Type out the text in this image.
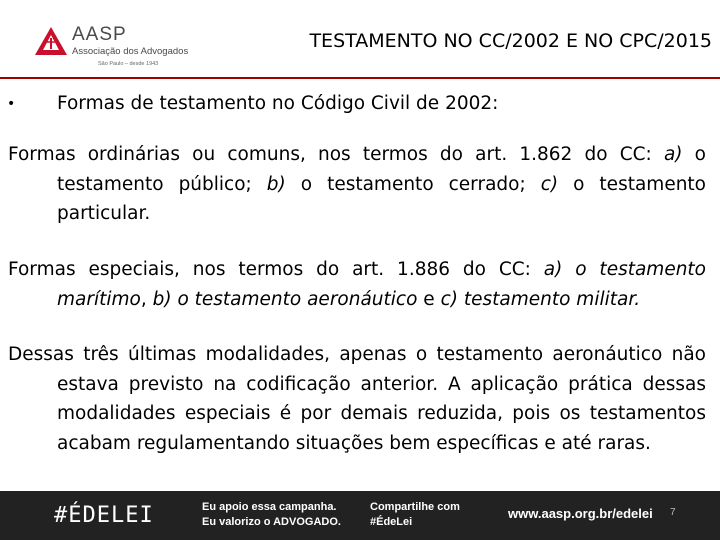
AASP
Associação dos Advogados
São Paulo – desde 1943
TESTAMENTO NO CC/2002 E NO CPC/2015
• Formas de testamento no Código Civil de 2002:

Formas ordinárias ou comuns, nos termos do art. 1.862 do CC: a) o testamento público; b) o testamento cerrado; c) o testamento particular.

Formas especiais, nos termos do art. 1.886 do CC: a) o testamento marítimo, b) o testamento aeronáutico e c) testamento militar.

Dessas três últimas modalidades, apenas o testamento aeronáutico não estava previsto na codificação anterior. A aplicação prática dessas modalidades especiais é por demais reduzida, pois os testamentos acabam regulamentando situações bem específicas e até raras.

#ÉDELEI	Eu apoio essa campanha.
Eu valorizo o ADVOGADO.
Compartilhe com
#ÉdeLei
www.aasp.org.br/edelei 7
